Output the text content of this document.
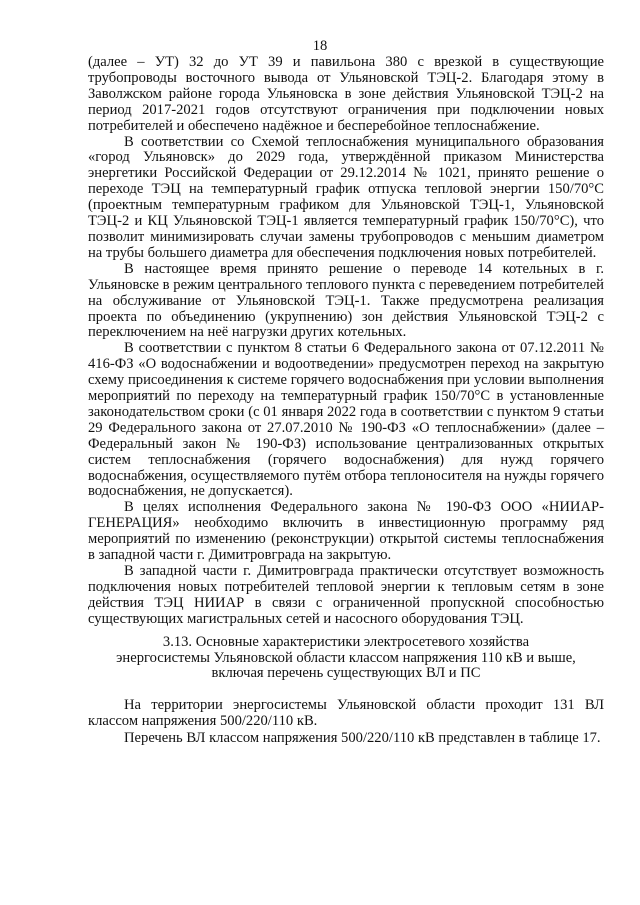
18

(далее – УТ) 32 до УТ 39 и павильона 380 с врезкой в существующие трубопроводы восточного вывода от Ульяновской ТЭЦ-2. Благодаря этому в Заволжском районе города Ульяновска в зоне действия Ульяновской ТЭЦ-2 на период 2017-2021 годов отсутствуют ограничения при подключении новых потребителей и обеспечено надёжное и бесперебойное теплоснабжение.

В соответствии со Схемой теплоснабжения муниципального образования «город Ульяновск» до 2029 года, утверждённой приказом Министерства энергетики Российской Федерации от 29.12.2014 № 1021, принято решение о переходе ТЭЦ на температурный график отпуска тепловой энергии 150/70°С (проектным температурным графиком для Ульяновской ТЭЦ-1, Ульяновской ТЭЦ-2 и КЦ Ульяновской ТЭЦ-1 является температурный график 150/70°С), что позволит минимизировать случаи замены трубопроводов с меньшим диаметром на трубы большего диаметра для обеспечения подключения новых потребителей.

В настоящее время принято решение о переводе 14 котельных в г. Ульяновске в режим центрального теплового пункта с переведением потребителей на обслуживание от Ульяновской ТЭЦ-1. Также предусмотрена реализация проекта по объединению (укрупнению) зон действия Ульяновской ТЭЦ-2 с переключением на неё нагрузки других котельных.

В соответствии с пунктом 8 статьи 6 Федерального закона от 07.12.2011 № 416-ФЗ «О водоснабжении и водоотведении» предусмотрен переход на закрытую схему присоединения к системе горячего водоснабжения при условии выполнения мероприятий по переходу на температурный график 150/70°С в установленные законодательством сроки (с 01 января 2022 года в соответствии с пунктом 9 статьи 29 Федерального закона от 27.07.2010 № 190-ФЗ «О теплоснабжении» (далее – Федеральный закон № 190-ФЗ) использование централизованных открытых систем теплоснабжения (горячего водоснабжения) для нужд горячего водоснабжения, осуществляемого путём отбора теплоносителя на нужды горячего водоснабжения, не допускается).

В целях исполнения Федерального закона № 190-ФЗ ООО «НИИАР-ГЕНЕРАЦИЯ» необходимо включить в инвестиционную программу ряд мероприятий по изменению (реконструкции) открытой системы теплоснабжения в западной части г. Димитровграда на закрытую.

В западной части г. Димитровграда практически отсутствует возможность подключения новых потребителей тепловой энергии к тепловым сетям в зоне действия ТЭЦ НИИАР в связи с ограниченной пропускной способностью существующих магистральных сетей и насосного оборудования ТЭЦ.

3.13. Основные характеристики электросетевого хозяйства
энергосистемы Ульяновской области классом напряжения 110 кВ и выше,
включая перечень существующих ВЛ и ПС

На территории энергосистемы Ульяновской области проходит 131 ВЛ классом напряжения 500/220/110 кВ.

Перечень ВЛ классом напряжения 500/220/110 кВ представлен в таблице 17.
